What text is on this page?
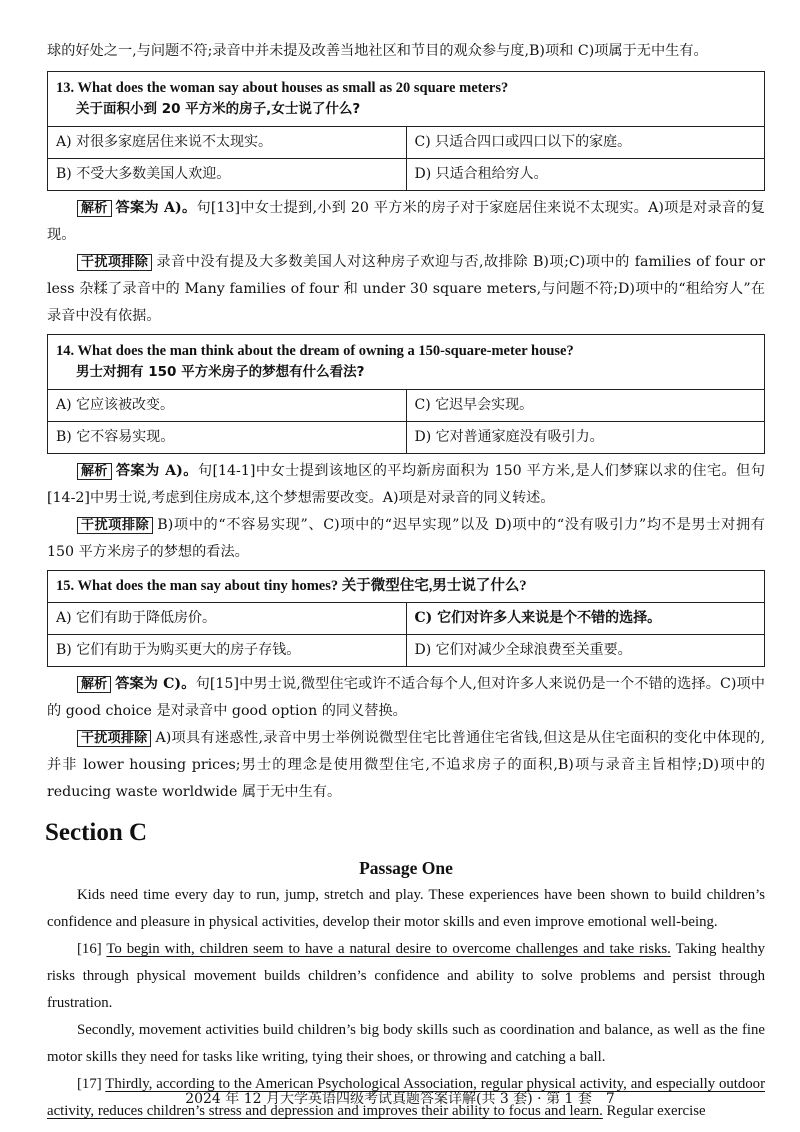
球的好处之一,与问题不符;录音中并未提及改善当地社区和节目的观众参与度,B)项和 C)项属于无中生有。

13. What does the woman say about houses as small as 20 square meters?
关于面积小到 20 平方米的房子,女士说了什么?	

A) 对很多家庭居住来说不太现实。	C) 只适合四口或四口以下的家庭。
B) 不受大多数美国人欢迎。	D) 只适合租给穷人。

解析 答案为 A)。句[13]中女士提到,小到 20 平方米的房子对于家庭居住来说不太现实。A)项是对录音的复现。

干扰项排除 录音中没有提及大多数美国人对这种房子欢迎与否,故排除 B)项;C)项中的 families of four or less 杂糅了录音中的 Many families of four 和 under 30 square meters,与问题不符;D)项中的“租给穷人”在录音中没有依据。

14. What does the man think about the dream of owning a 150-square-meter house?
男士对拥有 150 平方米房子的梦想有什么看法?	

A) 它应该被改变。	C) 它迟早会实现。
B) 它不容易实现。	D) 它对普通家庭没有吸引力。

解析 答案为 A)。句[14-1]中女士提到该地区的平均新房面积为 150 平方米,是人们梦寐以求的住宅。但句[14-2]中男士说,考虑到住房成本,这个梦想需要改变。A)项是对录音的同义转述。

干扰项排除 B)项中的“不容易实现”、C)项中的“迟早实现”以及 D)项中的“没有吸引力”均不是男士对拥有 150 平方米房子的梦想的看法。

15. What does the man say about tiny homes? 关于微型住宅,男士说了什么?	
A) 它们有助于降低房价。	C) 它们对许多人来说是个不错的选择。
B) 它们有助于为购买更大的房子存钱。	D) 它们对减少全球浪费至关重要。

解析 答案为 C)。句[15]中男士说,微型住宅或许不适合每个人,但对许多人来说仍是一个不错的选择。C)项中的 good choice 是对录音中 good option 的同义替换。

干扰项排除 A)项具有迷惑性,录音中男士举例说微型住宅比普通住宅省钱,但这是从住宅面积的变化中体现的,并非 lower housing prices;男士的理念是使用微型住宅,不追求房子的面积,B)项与录音主旨相悖;D)项中的 reducing waste worldwide 属于无中生有。

Section C
Passage One

Kids need time every day to run, jump, stretch and play. These experiences have been shown to build children’s confidence and pleasure in physical activities, develop their motor skills and even improve emotional well-being.

[16] To begin with, children seem to have a natural desire to overcome challenges and take risks. Taking healthy risks through physical movement builds children’s confidence and ability to solve problems and persist through frustration.

Secondly, movement activities build children’s big body skills such as coordination and balance, as well as the fine motor skills they need for tasks like writing, tying their shoes, or throwing and catching a ball.

[17] Thirdly, according to the American Psychological Association, regular physical activity, and especially outdoor activity, reduces children’s stress and depression and improves their ability to focus and learn. Regular exercise

2024 年 12 月大学英语四级考试真题答案详解(共 3 套) · 第 1 套　7
